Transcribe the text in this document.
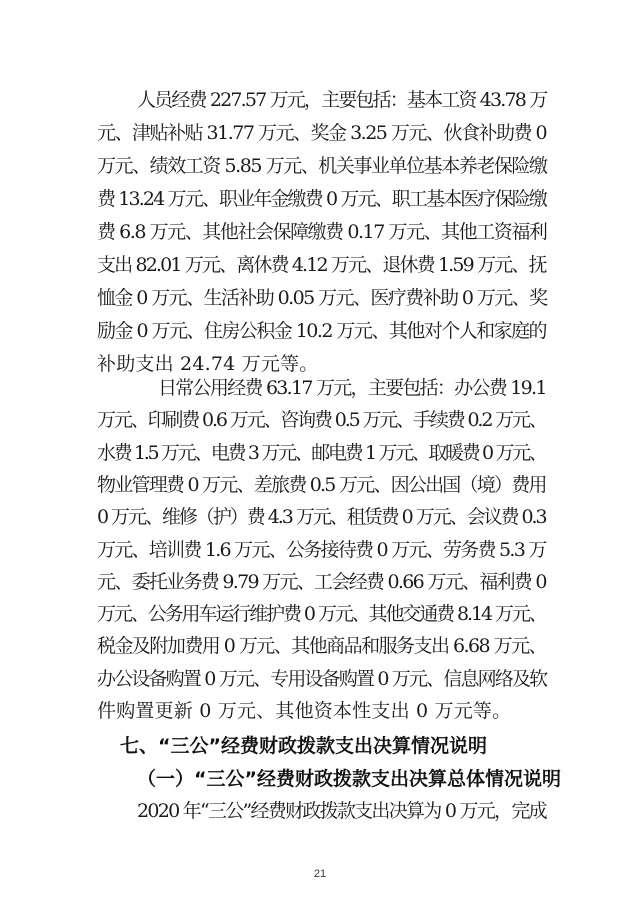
人员经费 227.57 万元，主要包括：基本工资 43.78 万
元、津贴补贴 31.77 万元、奖金 3.25 万元、伙食补助费 0
万元、绩效工资 5.85 万元、机关事业单位基本养老保险缴
费 13.24 万元、职业年金缴费 0 万元、职工基本医疗保险缴
费 6.8 万元、其他社会保障缴费 0.17 万元、其他工资福利
支出 82.01 万元、离休费 4.12 万元、退休费 1.59 万元、抚
恤金 0 万元、生活补助 0.05 万元、医疗费补助 0 万元、奖
励金 0 万元、住房公积金 10.2 万元、其他对个人和家庭的
补助支出 24.74 万元等。
日常公用经费 63.17 万元，主要包括：办公费 19.1
万元、印刷费 0.6 万元、咨询费 0.5 万元、手续费 0.2 万元、
水费 1.5 万元、电费 3 万元、邮电费 1 万元、取暖费 0 万元、
物业管理费 0 万元、差旅费 0.5 万元、因公出国（境）费用
0 万元、维修（护）费 4.3 万元、租赁费 0 万元、会议费 0.3
万元、培训费 1.6 万元、公务接待费 0 万元、劳务费 5.3 万
元、委托业务费 9.79 万元、工会经费 0.66 万元、福利费 0
万元、公务用车运行维护费 0 万元、其他交通费 8.14 万元、
税金及附加费用 0 万元、其他商品和服务支出 6.68 万元、
办公设备购置 0 万元、专用设备购置 0 万元、信息网络及软
件购置更新 0 万元、其他资本性支出 0 万元等。
七、“三公”经费财政拨款支出决算情况说明
（一）“三公”经费财政拨款支出决算总体情况说明
2020 年“三公”经费财政拨款支出决算为 0 万元，完成
21
